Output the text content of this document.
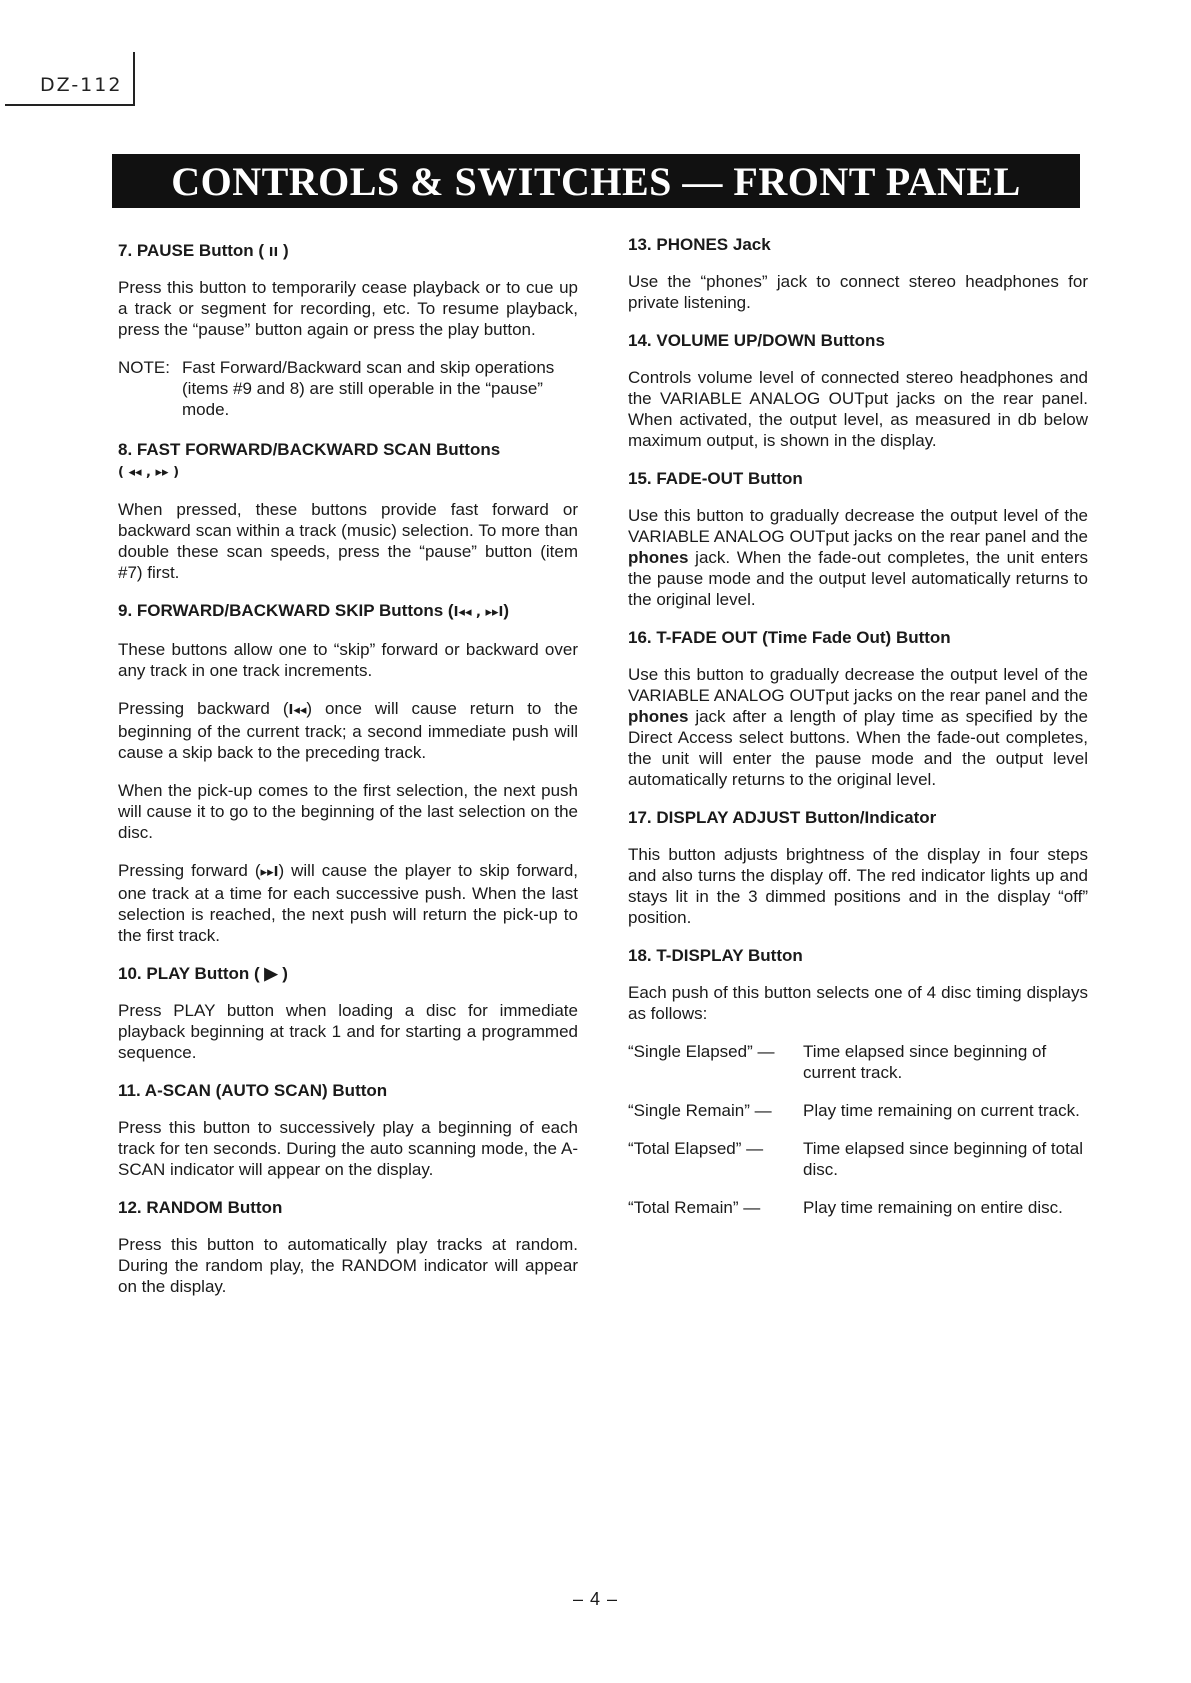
DZ-112
CONTROLS & SWITCHES — FRONT PANEL
7. PAUSE Button ( ıı )

Press this button to temporarily cease playback or to cue up a track or segment for recording, etc. To resume playback, press the “pause” button again or press the play button.

NOTE: Fast Forward/Backward scan and skip operations (items #9 and 8) are still operable in the “pause” mode.
8. FAST FORWARD/BACKWARD SCAN Buttons
( ◂◂ , ▸▸ )

When pressed, these buttons provide fast forward or backward scan within a track (music) selection. To more than double these scan speeds, press the “pause” button (item #7) first.

9. FORWARD/BACKWARD SKIP Buttons (I◂◂ , ▸▸I)

These buttons allow one to “skip” forward or backward over any track in one track increments.

Pressing backward (I◂◂) once will cause return to the beginning of the current track; a second immediate push will cause a skip back to the preceding track.

When the pick-up comes to the first selection, the next push will cause it to go to the beginning of the last selection on the disc.

Pressing forward (▸▸I) will cause the player to skip forward, one track at a time for each successive push. When the last selection is reached, the next push will return the pick-up to the first track.

10. PLAY Button ( ▶ )

Press PLAY button when loading a disc for immediate playback beginning at track 1 and for starting a programmed sequence.

11. A-SCAN (AUTO SCAN) Button

Press this button to successively play a beginning of each track for ten seconds. During the auto scanning mode, the A-SCAN indicator will appear on the display.

12. RANDOM Button

Press this button to automatically play tracks at random. During the random play, the RANDOM indicator will appear on the display.

13. PHONES Jack

Use the “phones” jack to connect stereo headphones for private listening.

14. VOLUME UP/DOWN Buttons

Controls volume level of connected stereo headphones and the VARIABLE ANALOG OUTput jacks on the rear panel. When activated, the output level, as measured in db below maximum output, is shown in the display.

15. FADE-OUT Button

Use this button to gradually decrease the output level of the VARIABLE ANALOG OUTput jacks on the rear panel and the phones jack. When the fade-out completes, the unit enters the pause mode and the output level automatically returns to the original level.

16. T-FADE OUT (Time Fade Out) Button

Use this button to gradually decrease the output level of the VARIABLE ANALOG OUTput jacks on the rear panel and the phones jack after a length of play time as specified by the Direct Access select buttons. When the fade-out completes, the unit will enter the pause mode and the output level automatically returns to the original level.

17. DISPLAY ADJUST Button/Indicator

This button adjusts brightness of the display in four steps and also turns the display off. The red indicator lights up and stays lit in the 3 dimmed positions and in the display “off” position.

18. T-DISPLAY Button

Each push of this button selects one of 4 disc timing displays as follows:

“Single Elapsed” —	Time elapsed since beginning of current track.
“Single Remain” —	Play time remaining on current track.
“Total Elapsed” —	Time elapsed since beginning of total disc.
“Total Remain” —	Play time remaining on entire disc.
– 4 –
